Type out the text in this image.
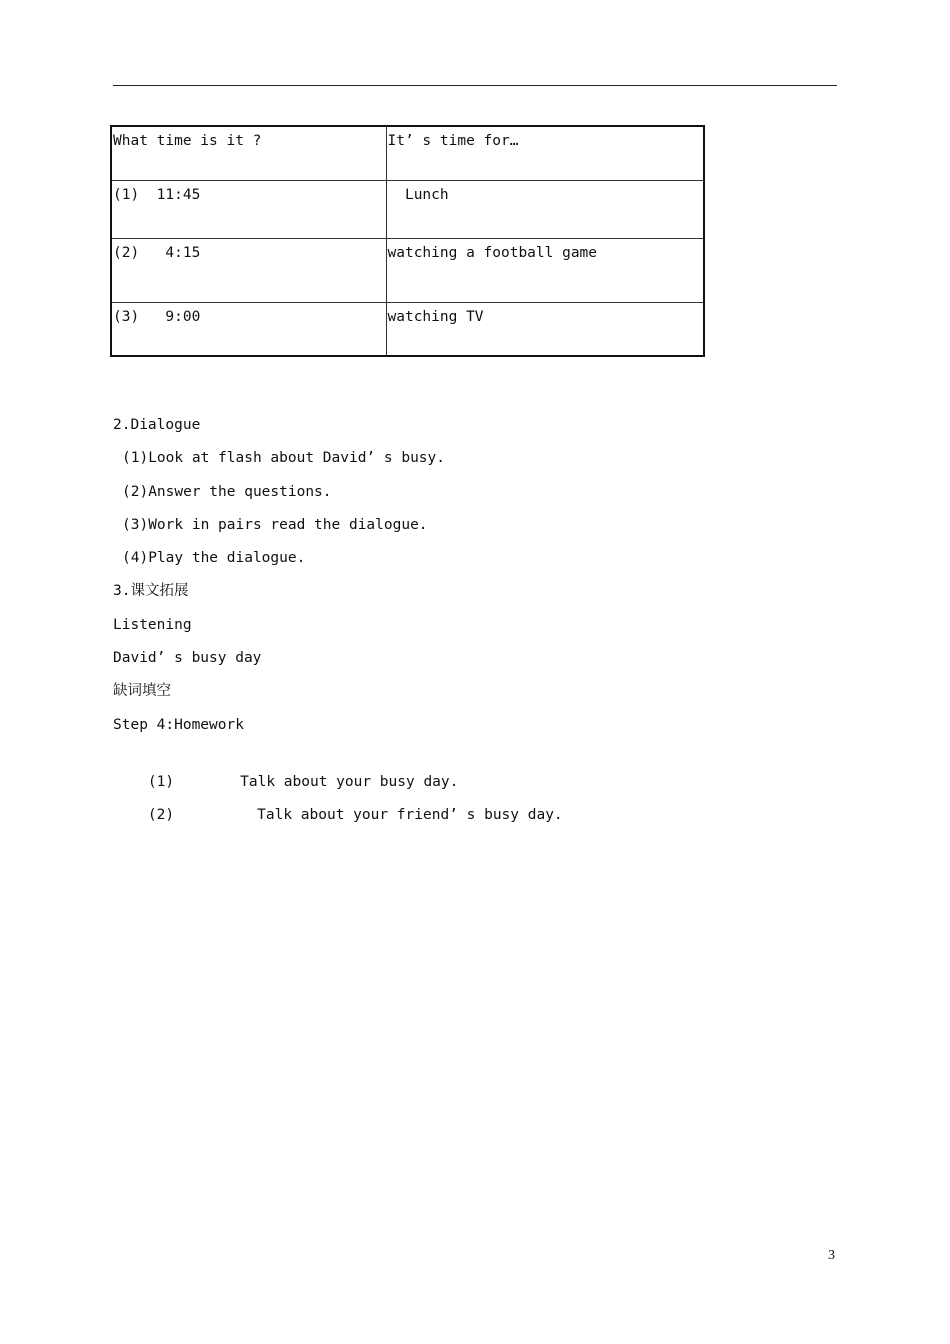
What time is it ?	It’ s time for…
(1)  11:45	Lunch
(2)   4:15	watching a football game
(3)   9:00	watching TV
2.Dialogue
(1)Look at flash about David’ s busy.
(2)Answer the questions.
(3)Work in pairs read the dialogue.
(4)Play the dialogue.
3.课文拓展
Listening
David’ s busy day
缺词填空
Step 4:Homework

(1)	Talk about your busy day.

(2)	Talk about your friend’ s busy day.

3
